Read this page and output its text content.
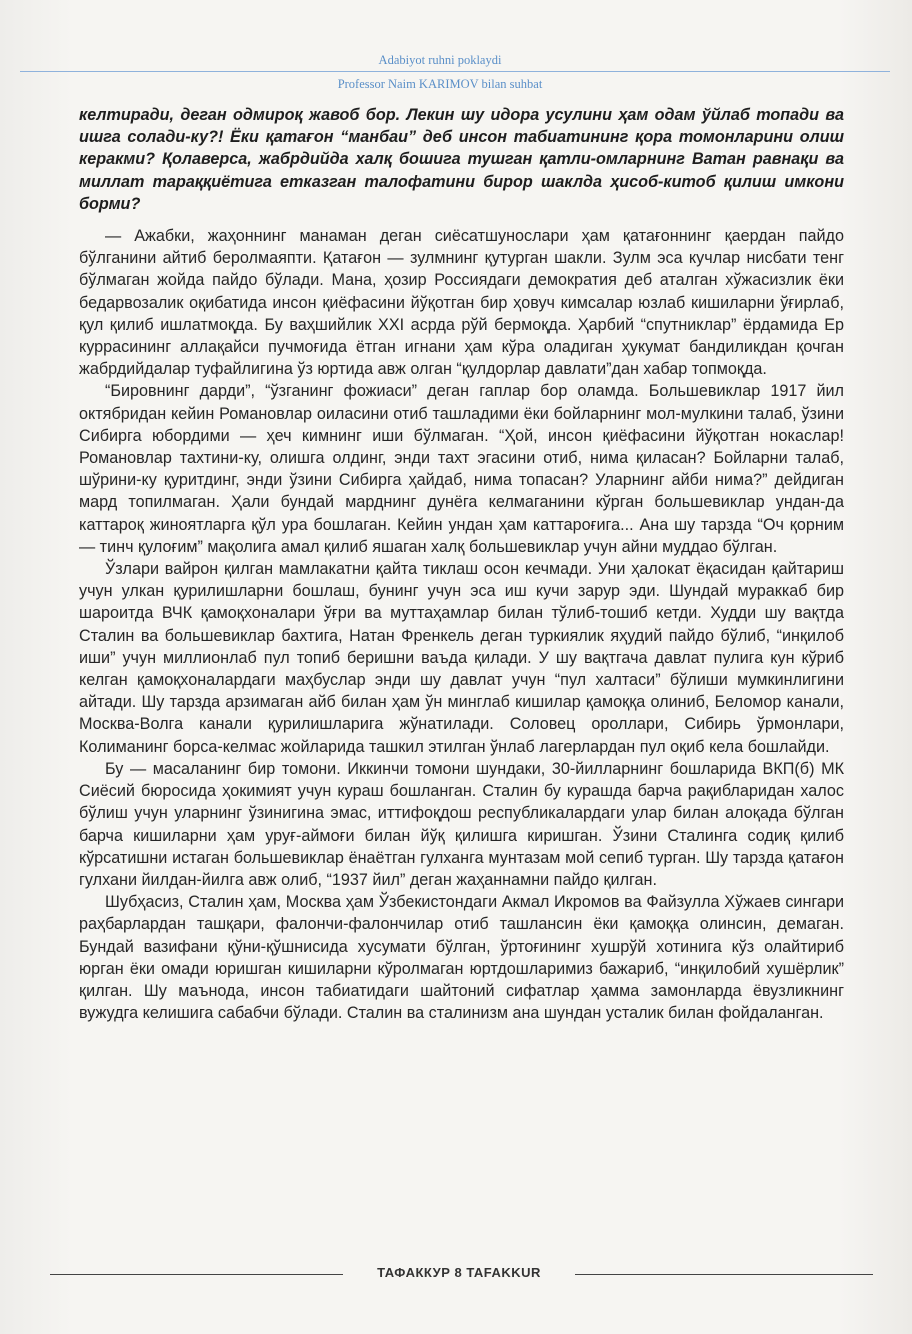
Adabiyot ruhni poklaydi
Professor Naim KARIMOV bilan suhbat

келтиради, деган одмироқ жавоб бор. Лекин шу идора усулини ҳам одам ўйлаб топади ва ишга солади-ку?! Ёки қатағон “манбаи” деб инсон табиатининг қора томонларини олиш керакми? Қолаверса, жабрдийда халқ бошига тушган қатли-омларнинг Ватан равнақи ва миллат тараққиётига етказган талофатини бирор шаклда ҳисоб-китоб қилиш имкони борми?

— Ажабки, жаҳоннинг манаман деган сиёсатшунослари ҳам қатағоннинг қаердан пайдо бўлганини айтиб беролмаяпти. Қатағон — зулмнинг қутурган шакли. Зулм эса кучлар нисбати тенг бўлмаган жойда пайдо бўлади. Мана, ҳозир Россиядаги демократия деб аталган хўжасизлик ёки бедарвозалик оқибатида инсон қиёфасини йўқотган бир ҳовуч кимсалар юзлаб кишиларни ўғирлаб, қул қилиб ишлатмоқда. Бу ваҳшийлик XXI асрда рўй бермоқда. Ҳарбий “спутниклар” ёрдамида Ер куррасининг аллақайси пучмоғида ётган игнани ҳам кўра оладиган ҳукумат бандиликдан қочган жабрдийдалар туфайлигина ўз юртида авж олган “қулдорлар давлати”дан хабар топмоқда.

“Бировнинг дарди”, “ўзганинг фожиаси” деган гаплар бор оламда. Большевиклар 1917 йил октябридан кейин Романовлар оиласини отиб ташладими ёки бойларнинг мол-мулкини талаб, ўзини Сибирга юбордими — ҳеч кимнинг иши бўлмаган. “Ҳой, инсон қиёфасини йўқотган нокаслар! Романовлар тахтини-ку, олишга олдинг, энди тахт эгасини отиб, нима қиласан? Бойларни талаб, шўрини-ку қуритдинг, энди ўзини Сибирга ҳайдаб, нима топасан? Уларнинг айби нима?” дейдиган мард топилмаган. Ҳали бундай марднинг дунёга келмаганини кўрган большевиклар ундан-да каттароқ жиноятларга қўл ура бошлаган. Кейин ундан ҳам каттароғига... Ана шу тарзда “Оч қорним — тинч қулоғим” мақолига амал қилиб яшаган халқ большевиклар учун айни муддао бўлган.

Ўзлари вайрон қилган мамлакатни қайта тиклаш осон кечмади. Уни ҳалокат ёқасидан қайтариш учун улкан қурилишларни бошлаш, бунинг учун эса иш кучи зарур эди. Шундай мураккаб бир шароитда ВЧК қамоқхоналари ўғри ва муттаҳамлар билан тўлиб-тошиб кетди. Худди шу вақтда Сталин ва большевиклар бахтига, Натан Френкель деган туркиялик яҳудий пайдо бўлиб, “инқилоб иши” учун миллионлаб пул топиб беришни ваъда қилади. У шу вақтгача давлат пулига кун кўриб келган қамоқхоналардаги маҳбуслар энди шу давлат учун “пул халтаси” бўлиши мумкинлигини айтади. Шу тарзда арзимаган айб билан ҳам ўн минглаб кишилар қамоққа олиниб, Беломор канали, Москва-Волга канали қурилишларига жўнатилади. Соловец ороллари, Сибирь ўрмонлари, Колиманинг борса-келмас жойларида ташкил этилган ўнлаб лагерлардан пул оқиб кела бошлайди.

Бу — масаланинг бир томони. Иккинчи томони шундаки, 30-йилларнинг бошларида ВКП(б) МК Сиёсий бюросида ҳокимият учун кураш бошланган. Сталин бу курашда барча рақибларидан халос бўлиш учун уларнинг ўзинигина эмас, иттифоқдош республикалардаги улар билан алоқада бўлган барча кишиларни ҳам уруғ-аймоғи билан йўқ қилишга киришган. Ўзини Сталинга содиқ қилиб кўрсатишни истаган большевиклар ёнаётган гулханга мунтазам мой сепиб турган. Шу тарзда қатағон гулхани йилдан-йилга авж олиб, “1937 йил” деган жаҳаннамни пайдо қилган.

Шубҳасиз, Сталин ҳам, Москва ҳам Ўзбекистондаги Акмал Икромов ва Файзулла Хўжаев сингари раҳбарлардан ташқари, фалончи-фалончилар отиб ташлансин ёки қамоққа олинсин, демаган. Бундай вазифани қўни-қўшнисида хусумати бўлган, ўртоғининг хушрўй хотинига кўз олайтириб юрган ёки омади юришган кишиларни кўролмаган юртдошларимиз бажариб, “инқилобий хушёрлик” қилган. Шу маънода, инсон табиатидаги шайтоний сифатлар ҳамма замонларда ёвузликнинг вужудга келишига сабабчи бўлади. Сталин ва сталинизм ана шундан усталик билан фойдаланган.

ТАФАККУР 8 TAFAKKUR
